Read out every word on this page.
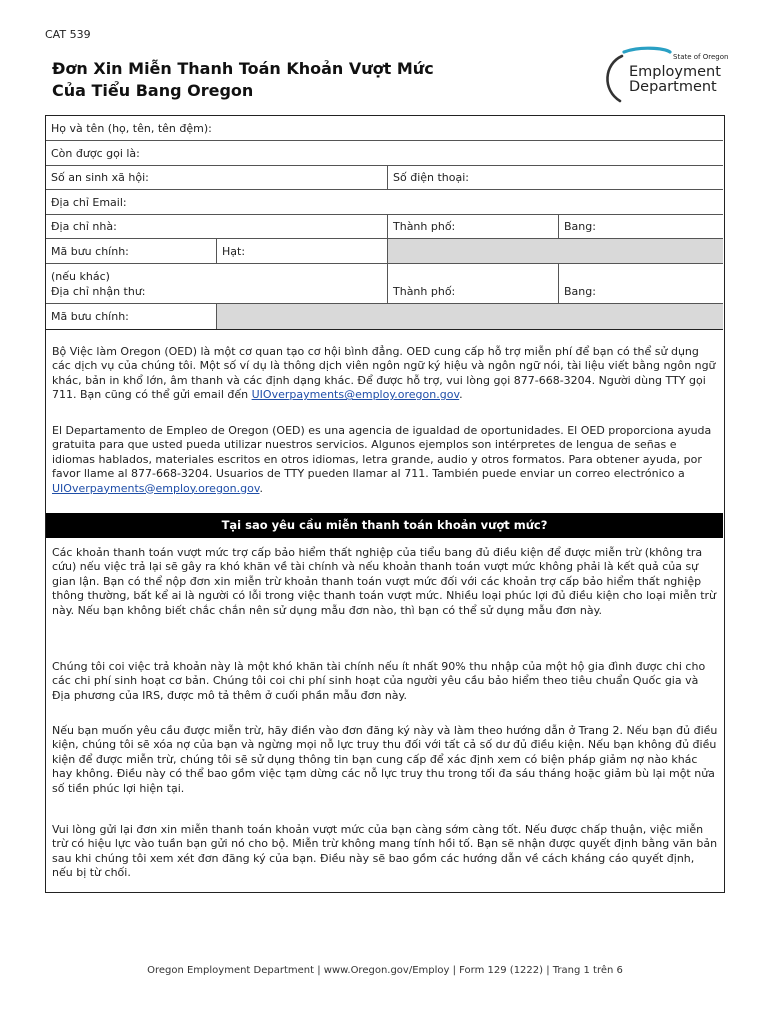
CAT 539
Đơn Xin Miễn Thanh Toán Khoản Vượt Mức
Của Tiểu Bang Oregon
State of Oregon
Employment
Department
Họ và tên (họ, tên, tên đệm):
Còn được gọi là:
Số an sinh xã hội:	Số điện thoại:
Địa chỉ Email:
Địa chỉ nhà:	Thành phố:	Bang:
Mã bưu chính:	Hạt:
(nếu khác)
Địa chỉ nhận thư:	Thành phố:	Bang:
Mã bưu chính:
Bộ Việc làm Oregon (OED) là một cơ quan tạo cơ hội bình đẳng. OED cung cấp hỗ trợ miễn phí để bạn có thể sử dụng các dịch vụ của chúng tôi. Một số ví dụ là thông dịch viên ngôn ngữ ký hiệu và ngôn ngữ nói, tài liệu viết bằng ngôn ngữ khác, bản in khổ lớn, âm thanh và các định dạng khác. Để được hỗ trợ, vui lòng gọi 877-668-3204. Người dùng TTY gọi 711. Bạn cũng có thể gửi email đến UIOverpayments@employ.oregon.gov.
El Departamento de Empleo de Oregon (OED) es una agencia de igualdad de oportunidades. El OED proporciona ayuda gratuita para que usted pueda utilizar nuestros servicios. Algunos ejemplos son intérpretes de lengua de señas e idiomas hablados, materiales escritos en otros idiomas, letra grande, audio y otros formatos. Para obtener ayuda, por favor llame al 877-668-3204. Usuarios de TTY pueden llamar al 711. También puede enviar un correo electrónico a UIOverpayments@employ.oregon.gov.
Tại sao yêu cầu miễn thanh toán khoản vượt mức?
Các khoản thanh toán vượt mức trợ cấp bảo hiểm thất nghiệp của tiểu bang đủ điều kiện để được miễn trừ (không tra cứu) nếu việc trả lại sẽ gây ra khó khăn về tài chính và nếu khoản thanh toán vượt mức không phải là kết quả của sự gian lận. Bạn có thể nộp đơn xin miễn trừ khoản thanh toán vượt mức đối với các khoản trợ cấp bảo hiểm thất nghiệp thông thường, bất kể ai là người có lỗi trong việc thanh toán vượt mức. Nhiều loại phúc lợi đủ điều kiện cho loại miễn trừ này. Nếu bạn không biết chắc chắn nên sử dụng mẫu đơn nào, thì bạn có thể sử dụng mẫu đơn này.
Chúng tôi coi việc trả khoản này là một khó khăn tài chính nếu ít nhất 90% thu nhập của một hộ gia đình được chi cho các chi phí sinh hoạt cơ bản. Chúng tôi coi chi phí sinh hoạt của người yêu cầu bảo hiểm theo tiêu chuẩn Quốc gia và Địa phương của IRS, được mô tả thêm ở cuối phần mẫu đơn này.
Nếu bạn muốn yêu cầu được miễn trừ, hãy điền vào đơn đăng ký này và làm theo hướng dẫn ở Trang 2. Nếu bạn đủ điều kiện, chúng tôi sẽ xóa nợ của bạn và ngừng mọi nỗ lực truy thu đối với tất cả số dư đủ điều kiện. Nếu bạn không đủ điều kiện để được miễn trừ, chúng tôi sẽ sử dụng thông tin bạn cung cấp để xác định xem có biện pháp giảm nợ nào khác hay không. Điều này có thể bao gồm việc tạm dừng các nỗ lực truy thu trong tối đa sáu tháng hoặc giảm bù lại một nửa số tiền phúc lợi hiện tại.
Vui lòng gửi lại đơn xin miễn thanh toán khoản vượt mức của bạn càng sớm càng tốt. Nếu được chấp thuận, việc miễn trừ có hiệu lực vào tuần bạn gửi nó cho bộ. Miễn trừ không mang tính hồi tố. Bạn sẽ nhận được quyết định bằng văn bản sau khi chúng tôi xem xét đơn đăng ký của bạn. Điều này sẽ bao gồm các hướng dẫn về cách kháng cáo quyết định, nếu bị từ chối.
Oregon Employment Department | www.Oregon.gov/Employ | Form 129 (1222) | Trang 1 trên 6
